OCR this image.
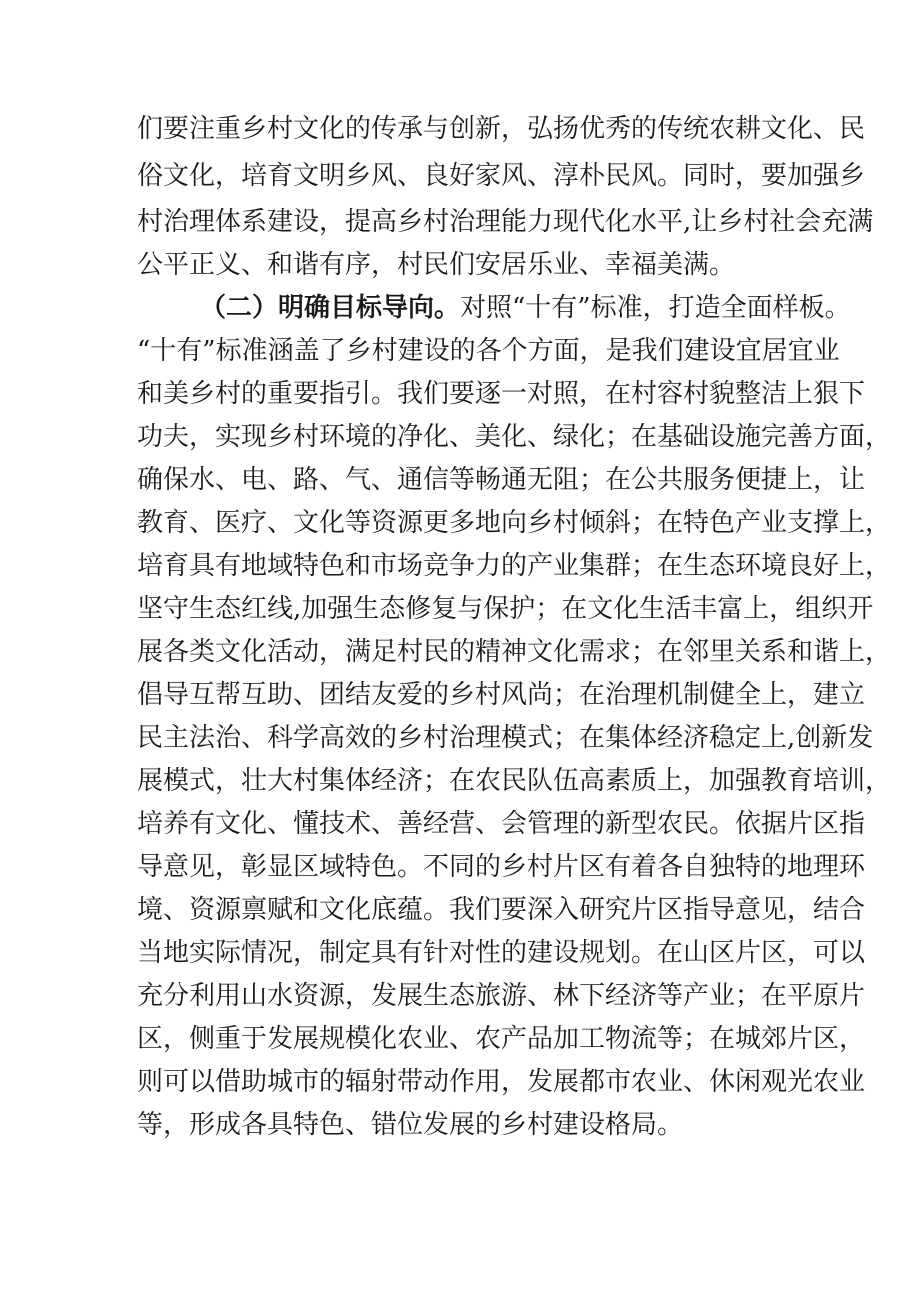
们要注重乡村文化的传承与创新，弘扬优秀的传统农耕文化、民
俗文化，培育文明乡风、良好家风、淳朴民风。同时，要加强乡
村治理体系建设，提高乡村治理能力现代化水平,让乡村社会充满
公平正义、和谐有序，村民们安居乐业、幸福美满。
（二）明确目标导向。对照“十有”标准，打造全面样板。
“十有”标准涵盖了乡村建设的各个方面，是我们建设宜居宜业
和美乡村的重要指引。我们要逐一对照，在村容村貌整洁上狠下
功夫，实现乡村环境的净化、美化、绿化；在基础设施完善方面，
确保水、电、路、气、通信等畅通无阻；在公共服务便捷上，让
教育、医疗、文化等资源更多地向乡村倾斜；在特色产业支撑上，
培育具有地域特色和市场竞争力的产业集群；在生态环境良好上，
坚守生态红线,加强生态修复与保护；在文化生活丰富上，组织开
展各类文化活动，满足村民的精神文化需求；在邻里关系和谐上，
倡导互帮互助、团结友爱的乡村风尚；在治理机制健全上，建立
民主法治、科学高效的乡村治理模式；在集体经济稳定上,创新发
展模式，壮大村集体经济；在农民队伍高素质上，加强教育培训，
培养有文化、懂技术、善经营、会管理的新型农民。依据片区指
导意见，彰显区域特色。不同的乡村片区有着各自独特的地理环
境、资源禀赋和文化底蕴。我们要深入研究片区指导意见，结合
当地实际情况，制定具有针对性的建设规划。在山区片区，可以
充分利用山水资源，发展生态旅游、林下经济等产业；在平原片
区，侧重于发展规模化农业、农产品加工物流等；在城郊片区，
则可以借助城市的辐射带动作用，发展都市农业、休闲观光农业
等，形成各具特色、错位发展的乡村建设格局。
